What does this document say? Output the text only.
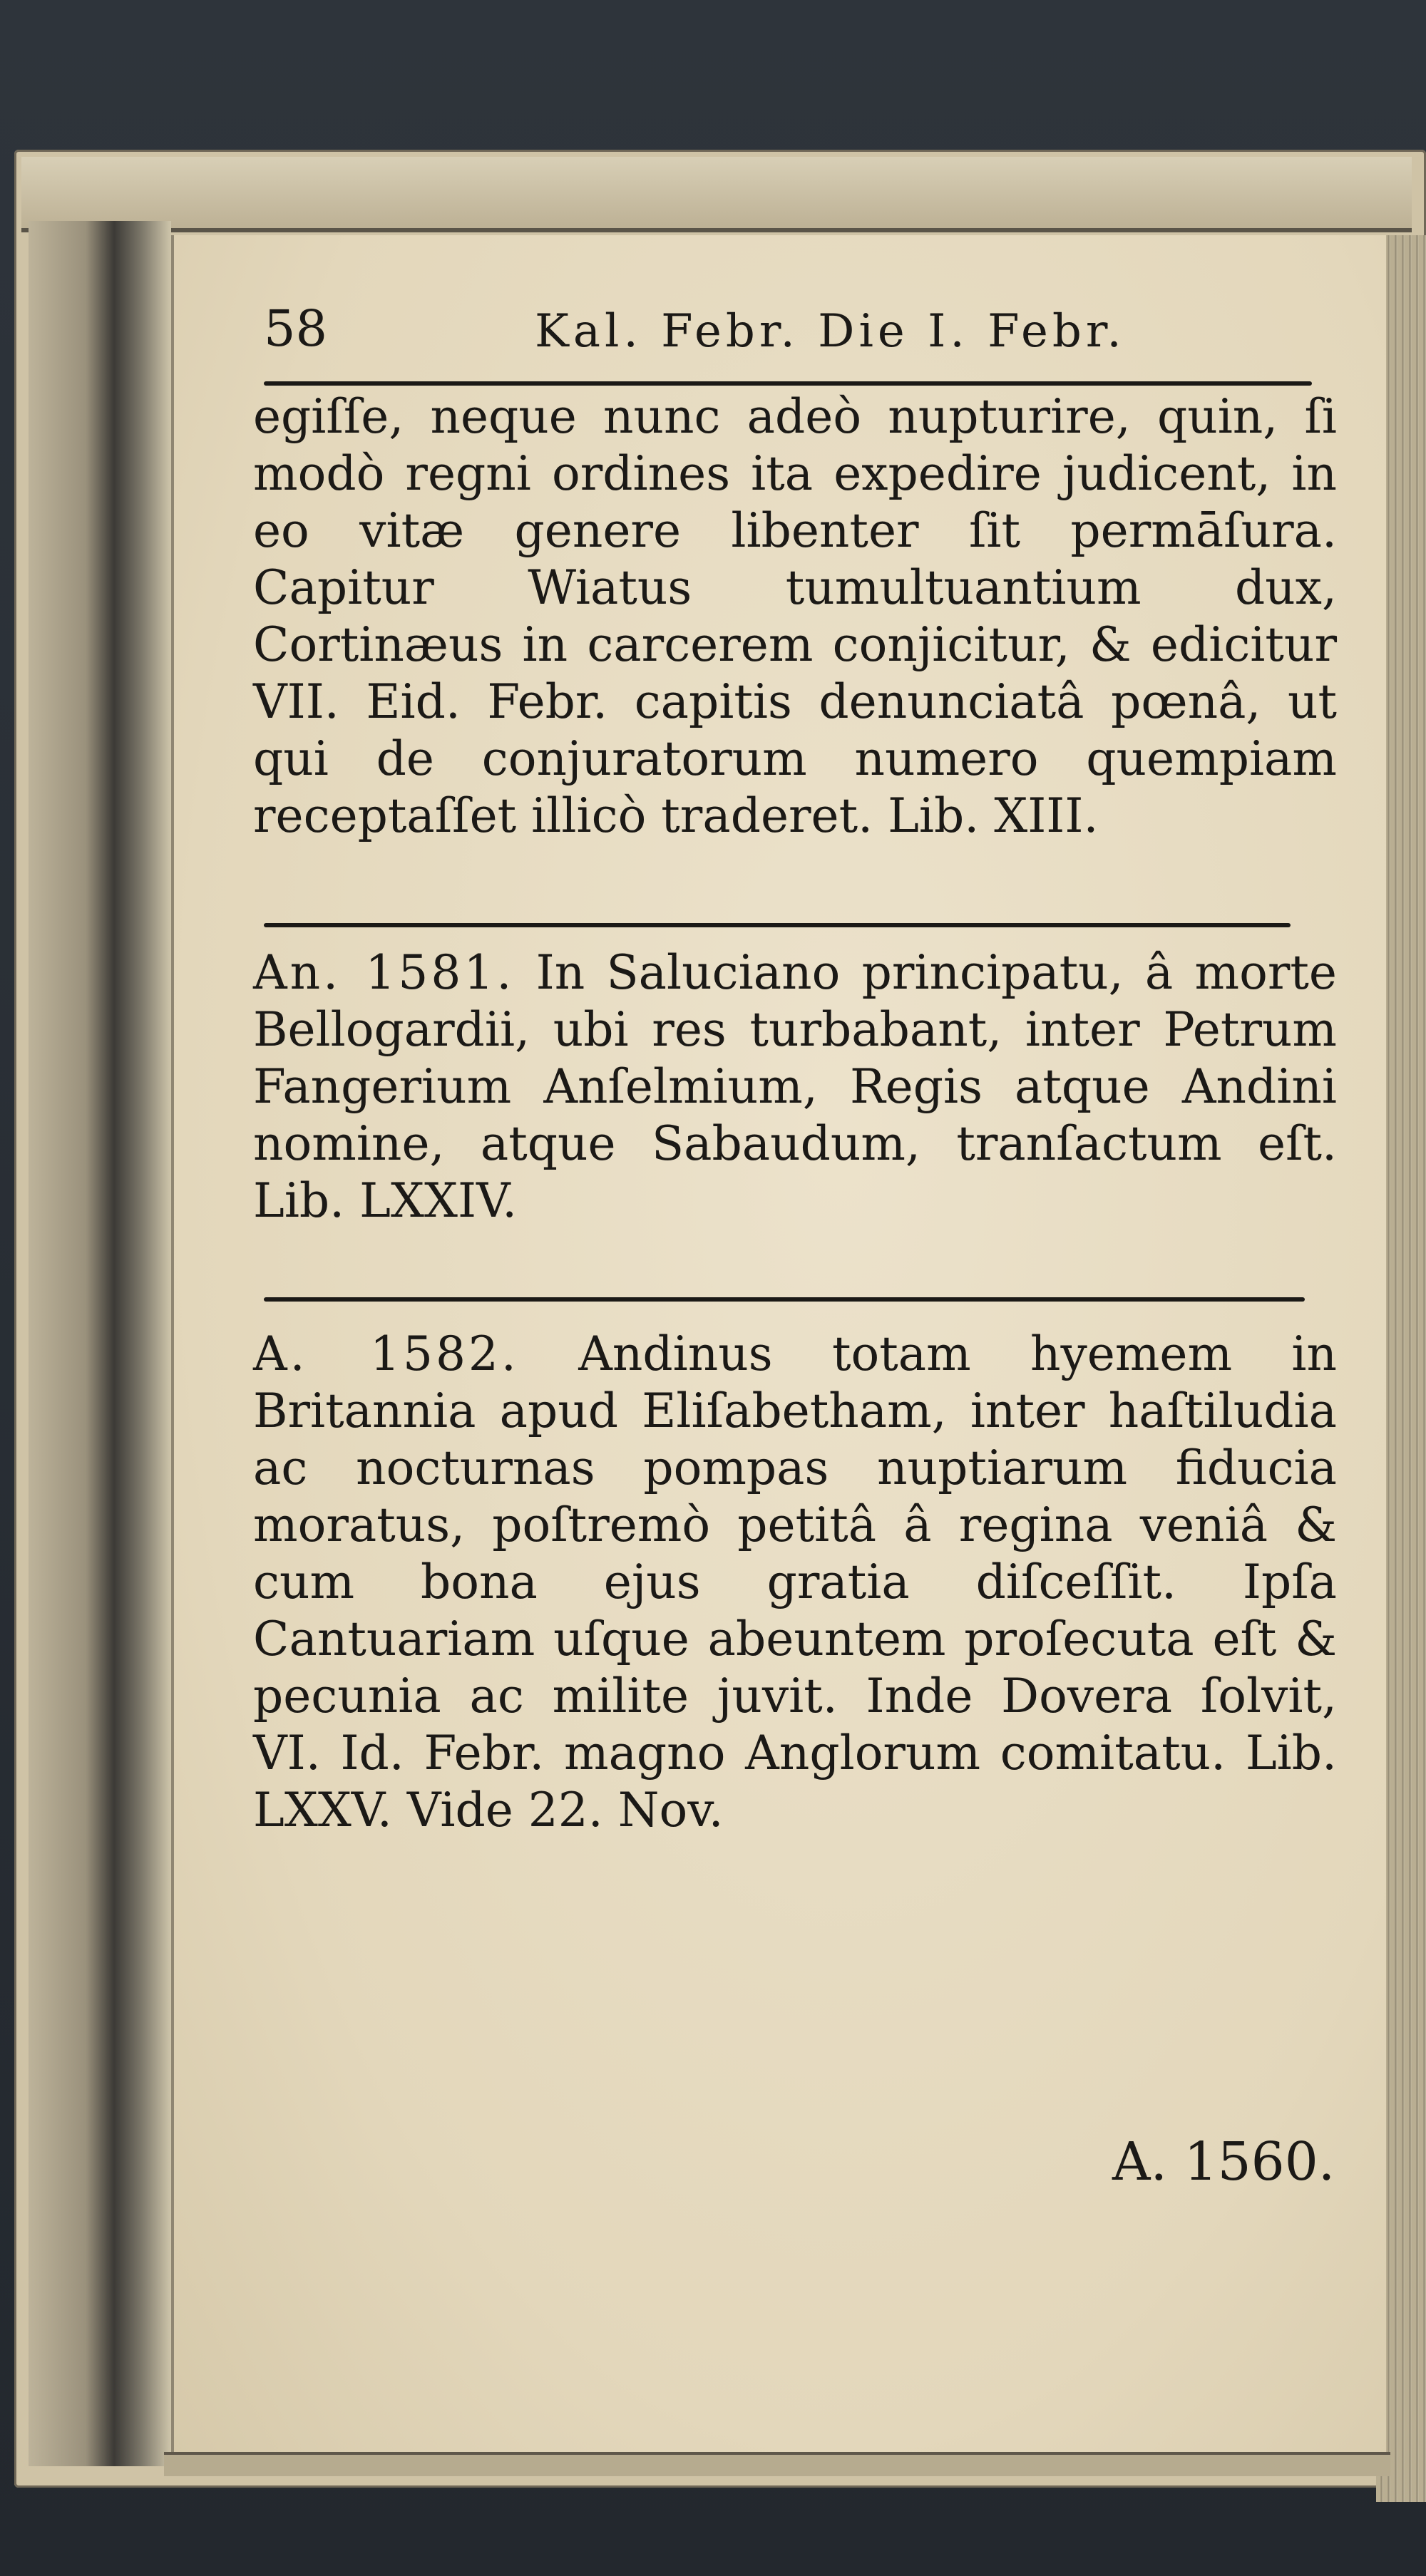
58	Kal. Febr. Die I. Febr.

egiſſe, neque nunc adeò nupturire, quin, ſi modò regni ordines ita expedire judicent, in eo vitæ genere libenter ſit permāſura. Capitur Wiatus tumultuantium dux, Cortinæus in carcerem conjicitur, & edicitur VII. Eid. Febr. capitis denunciatâ pœnâ, ut qui de conjuratorum numero quempiam receptaſſet illicò traderet. Lib. XIII.

An. 1581. In Saluciano principatu, â morte Bellogardii, ubi res turbabant, inter Petrum Fangerium Anſelmium, Regis atque Andini nomine, atque Sabaudum, tranſactum eſt. Lib. LXXIV.

A. 1582. Andinus totam hyemem in Britannia apud Eliſabetham, inter haſtiludia ac nocturnas pompas nuptiarum fiducia moratus, poſtremò petitâ â regina veniâ & cum bona ejus gratia diſceſſit. Ipſa Cantuariam uſque abeuntem proſecuta eſt & pecunia ac milite juvit. Inde Dovera ſolvit, VI. Id. Febr. magno Anglorum comitatu. Lib. LXXV. Vide 22. Nov.

A. 1560.
